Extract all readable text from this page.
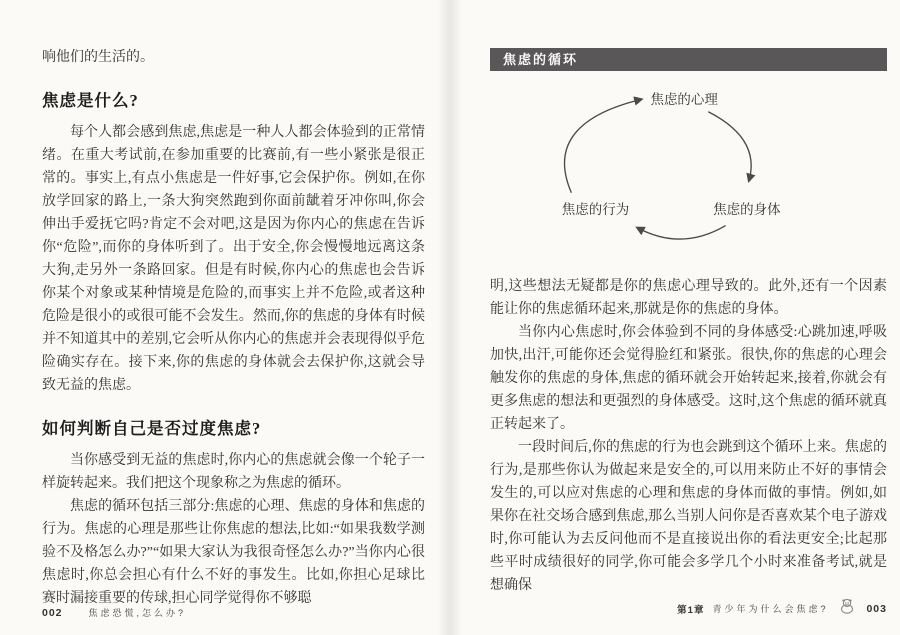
响他们的生活的。

焦虑是什么?

每个人都会感到焦虑,焦虑是一种人人都会体验到的正常情绪。在重大考试前,在参加重要的比赛前,有一些小紧张是很正常的。事实上,有点小焦虑是一件好事,它会保护你。例如,在你放学回家的路上,一条大狗突然跑到你面前龇着牙冲你叫,你会伸出手爱抚它吗?肯定不会对吧,这是因为你内心的焦虑在告诉你“危险”,而你的身体听到了。出于安全,你会慢慢地远离这条大狗,走另外一条路回家。但是有时候,你内心的焦虑也会告诉你某个对象或某种情境是危险的,而事实上并不危险,或者这种危险是很小的或很可能不会发生。然而,你的焦虑的身体有时候并不知道其中的差别,它会听从你内心的焦虑并会表现得似乎危险确实存在。接下来,你的焦虑的身体就会去保护你,这就会导致无益的焦虑。

如何判断自己是否过度焦虑?

当你感受到无益的焦虑时,你内心的焦虑就会像一个轮子一样旋转起来。我们把这个现象称之为焦虑的循环。

焦虑的循环包括三部分:焦虑的心理、焦虑的身体和焦虑的行为。焦虑的心理是那些让你焦虑的想法,比如:“如果我数学测验不及格怎么办?”“如果大家认为我很奇怪怎么办?”当你内心很焦虑时,你总会担心有什么不好的事发生。比如,你担心足球比赛时漏接重要的传球,担心同学觉得你不够聪

002	焦虑恐慌,怎么办?
焦虑的循环
焦虑的心理
焦虑的身体
焦虑的行为

明,这些想法无疑都是你的焦虑心理导致的。此外,还有一个因素能让你的焦虑循环起来,那就是你的焦虑的身体。

当你内心焦虑时,你会体验到不同的身体感受:心跳加速,呼吸加快,出汗,可能你还会觉得脸红和紧张。很快,你的焦虑的心理会触发你的焦虑的身体,焦虑的循环就会开始转起来,接着,你就会有更多焦虑的想法和更强烈的身体感受。这时,这个焦虑的循环就真正转起来了。

一段时间后,你的焦虑的行为也会跳到这个循环上来。焦虑的行为,是那些你认为做起来是安全的,可以用来防止不好的事情会发生的,可以应对焦虑的心理和焦虑的身体而做的事情。例如,如果你在社交场合感到焦虑,那么当别人问你是否喜欢某个电子游戏时,你可能认为去反问他而不是直接说出你的看法更安全;比起那些平时成绩很好的同学,你可能会多学几个小时来准备考试,就是想确保

第1章 青少年为什么会焦虑?	003
